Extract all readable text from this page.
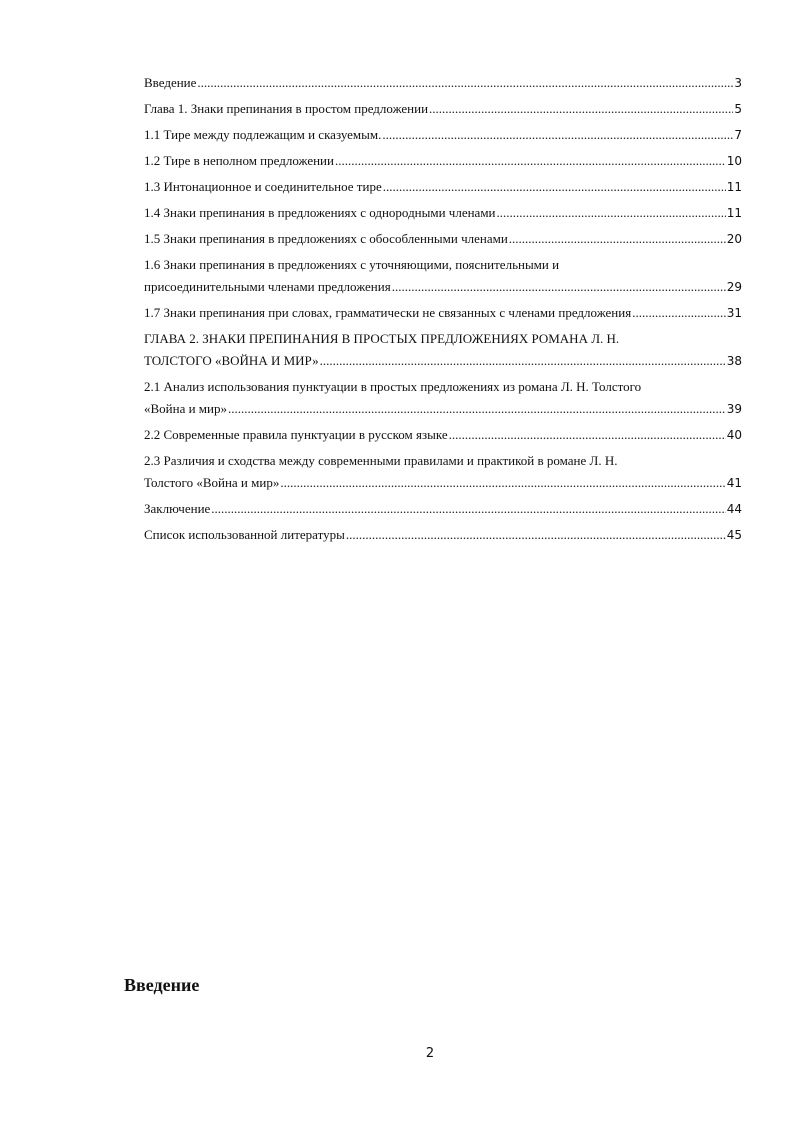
Введение .....	3
Глава 1. Знаки препинания в простом предложении .....	5
1.1 Тире между подлежащим и сказуемым. .....	7
1.2 Тире в неполном предложении .....	10
1.3 Интонационное и соединительное тире .....	11
1.4 Знаки препинания в предложениях с однородными членами .....	11
1.5 Знаки препинания в предложениях с обособленными членами .....	20
1.6 Знаки препинания в предложениях с уточняющими, пояснительными и
присоединительными членами предложения .....	29
1.7 Знаки препинания при словах, грамматически не связанных с членами предложения .....	31
ГЛАВА 2. ЗНАКИ ПРЕПИНАНИЯ В ПРОСТЫХ ПРЕДЛОЖЕНИЯХ РОМАНА Л. Н.
ТОЛСТОГО «ВОЙНА И МИР» .....	38
2.1 Анализ использования пунктуации в простых предложениях из романа Л. Н. Толстого
«Война и мир» .....	39
2.2 Современные правила пунктуации в русском языке .....	40
2.3 Различия и сходства между современными правилами и практикой в романе Л. Н.
Толстого «Война и мир» .....	41
Заключение .....	44
Список использованной литературы .....	45
Введение
2
